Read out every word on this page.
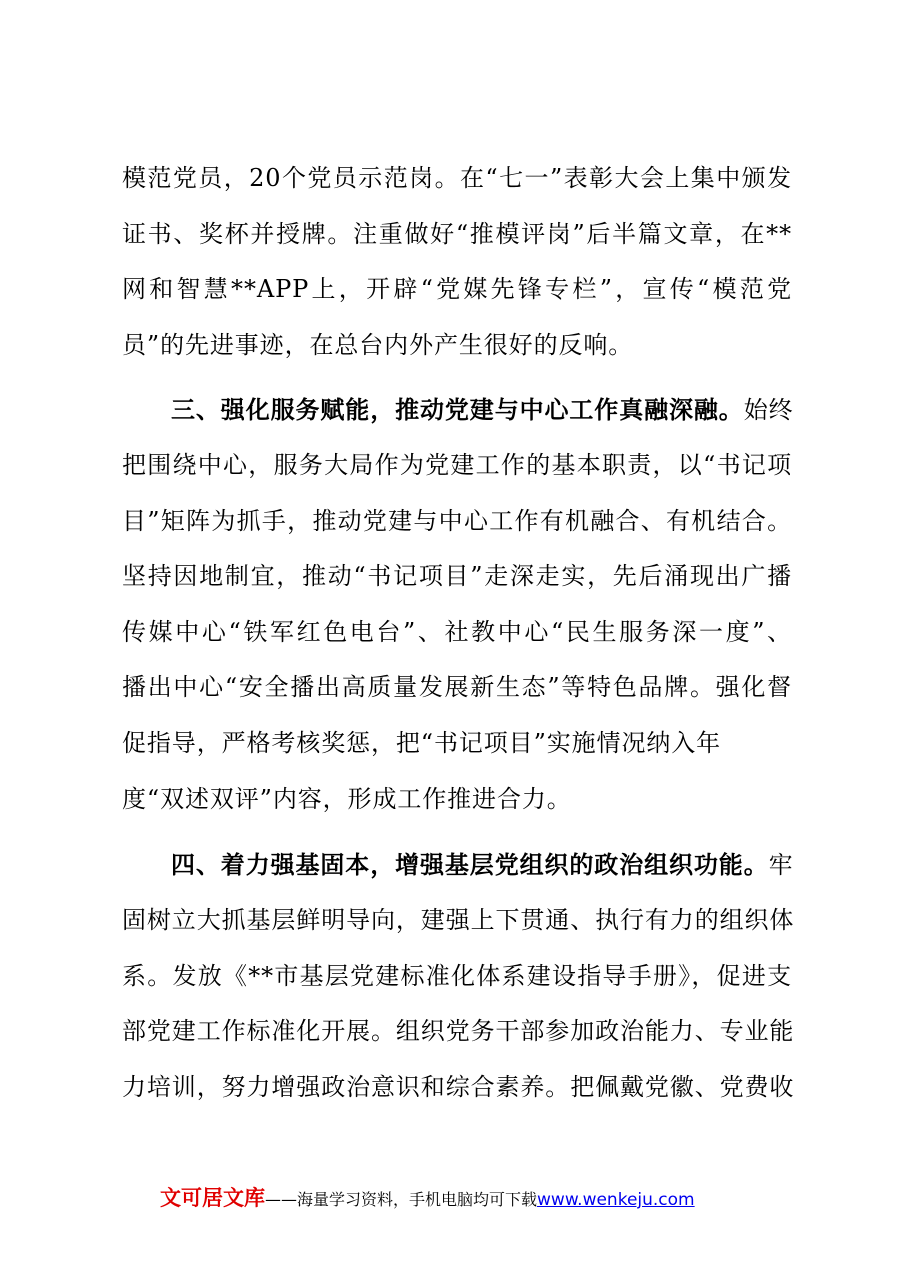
模范党员，20个党员示范岗。在“七一”表彰大会上集中颁发
证书、奖杯并授牌。注重做好“推模评岗”后半篇文章，在**
网和智慧**APP上，开辟“党媒先锋专栏”，宣传“模范党
员”的先进事迹，在总台内外产生很好的反响。
三、强化服务赋能，推动党建与中心工作真融深融。始终
把围绕中心，服务大局作为党建工作的基本职责，以“书记项
目”矩阵为抓手，推动党建与中心工作有机融合、有机结合。
坚持因地制宜，推动“书记项目”走深走实，先后涌现出广播
传媒中心“铁军红色电台”、社教中心“民生服务深一度”、
播出中心“安全播出高质量发展新生态”等特色品牌。强化督
促指导，严格考核奖惩，把“书记项目”实施情况纳入年
度“双述双评”内容，形成工作推进合力。
四、着力强基固本，增强基层党组织的政治组织功能。牢
固树立大抓基层鲜明导向，建强上下贯通、执行有力的组织体
系。发放《**市基层党建标准化体系建设指导手册》，促进支
部党建工作标准化开展。组织党务干部参加政治能力、专业能
力培训，努力增强政治意识和综合素养。把佩戴党徽、党费收
文可居文库——海量学习资料，手机电脑均可下载www.wenkeju.com
